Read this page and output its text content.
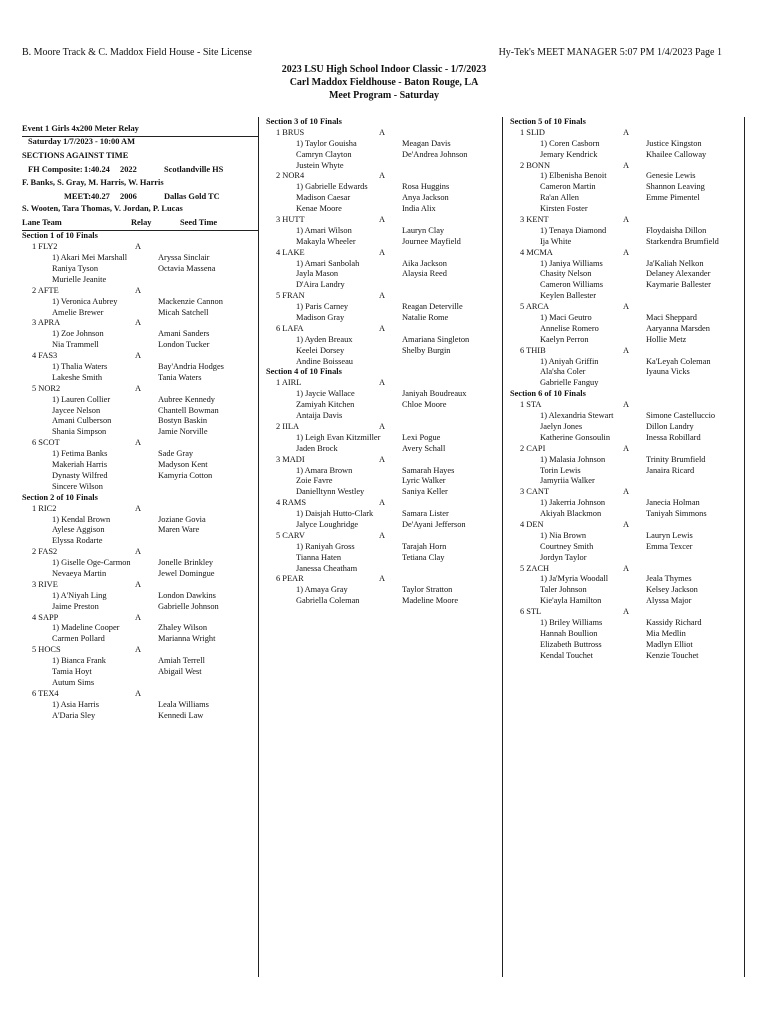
B. Moore Track & C. Maddox Field House - Site License	Hy-Tek's MEET MANAGER 5:07 PM 1/4/2023 Page 1
2023 LSU High School Indoor Classic - 1/7/2023
Carl Maddox Fieldhouse - Baton Rouge, LA
Meet Program - Saturday
Event 1 Girls 4x200 Meter Relay
Saturday 1/7/2023 - 10:00 AM
SECTIONS AGAINST TIME
FH Composite: 1:40.24 2022	Scotlandville HS
F. Banks, S. Gray, M. Harris, W. Harris
MEET:
1:40.27 2006	Dallas Gold TC
S. Wooten, Tara Thomas, V. Jordan, P. Lucas
Lane Team	Relay	Seed Time
Section 1 of 10 Finals
1 FLY2	A
1) Akari Mei Marshall	Aryssa Sinclair
Raniya Tyson	Octavia Massena
Murielle Jeanite
2 AFTE	A
1) Veronica Aubrey	Mackenzie Cannon
Amelie Brewer	Micah Satchell
3 APRA	A
1) Zoe Johnson	Amani Sanders
Nia Trammell	London Tucker
4 FAS3	A
1) Thalia Waters	Bay'Andria Hodges
Lakeshe Smith	Tania Waters
5 NOR2	A
1) Lauren Collier	Aubree Kennedy
Jaycee Nelson	Chantell Bowman
Amani Culberson	Bostyn Baskin
Shania Simpson	Jamie Norville
6 SCOT	A
1) Fetima Banks	Sade Gray
Makeriah Harris	Madyson Kent
Dynasty Wilfred	Kamyria Cotton
Sincere Wilson
Section 2 of 10 Finals
1 RIC2	A
1) Kendal Brown	Joziane Govia
Aylese Aggison	Maren Ware
Elyssa Rodarte
2 FAS2	A
1) Giselle Oge-Carmon	Jonelle Brinkley
Nevaeya Martin	Jewel Domingue
3 RIVE	A
1) A'Niyah Ling	London Dawkins
Jaime Preston	Gabrielle Johnson
4 SAPP	A
1) Madeline Cooper	Zhaley Wilson
Carmen Pollard	Marianna Wright
5 HOCS	A
1) Bianca Frank	Amiah Terrell
Tamia Hoyt	Abigail West
Autum Sims
6 TEX4	A
1) Asia Harris	Leala Williams
A'Daria Sley	Kennedi Law
Section 3 of 10 Finals
1 BRUS	A
1) Taylor Gouisha	Meagan Davis
Camryn Clayton	De'Andrea Johnson
Justein Whyte
2 NOR4	A
1) Gabrielle Edwards	Rosa Huggins
Madison Caesar	Anya Jackson
Kenae Moore	India Alix
3 HUTT	A
1) Amari Wilson	Lauryn Clay
Makayla Wheeler	Journee Mayfield
4 LAKE	A
1) Amari Sanbolah	Aika Jackson
Jayla Mason	Alaysia Reed
D'Aira Landry
5 FRAN	A
1) Paris Carney	Reagan Deterville
Madison Gray	Natalie Rome
6 LAFA	A
1) Ayden Breaux	Amariana Singleton
Keelei Dorsey	Shelby Burgin
Andine Boisseau
Section 4 of 10 Finals
1 AIRL	A
1) Jaycie Wallace	Janiyah Boudreaux
Zamiyah Kitchen	Chloe Moore
Antaija Davis
2 IILA	A
1) Leigh Evan Kitzmiller	Lexi Pogue
Jaden Brock	Avery Schall
3 MADI	A
1) Amara Brown	Samarah Hayes
Zoie Favre	Lyric Walker
Danielltynn Westley	Saniya Keller
4 RAMS	A
1) Daisjah Hutto-Clark	Samara Lister
Jalyce Loughridge	De'Ayani Jefferson
5 CARV	A
1) Raniyah Gross	Tarajah Horn
Tianna Haten	Tetiana Clay
Janessa Cheatham
6 PEAR	A
1) Amaya Gray	Taylor Stratton
Gabriella Coleman	Madeline Moore
Section 5 of 10 Finals
1 SLID	A
1) Coren Casborn	Justice Kingston
Jemary Kendrick	Khailee Calloway
2 BONN	A
1) Elbenisha Benoit	Genesie Lewis
Cameron Martin	Shannon Leaving
Ra'an Allen	Emme Pimentel
Kirsten Foster
3 KENT	A
1) Tenaya Diamond	Floydaisha Dillon
Ija White	Starkendra Brumfield
4 MCMA	A
1) Janiya Williams	Ja'Kaliah Nelkon
Chasity Nelson	Delaney Alexander
Cameron Williams	Kaymarie Ballester
Keylen Ballester
5 ARCA	A
1) Maci Geutro	Maci Sheppard
Annelise Romero	Aaryanna Marsden
Kaelyn Perron	Hollie Metz
6 THIB	A
1) Aniyah Griffin	Ka'Leyah Coleman
Ala'sha Coler	Iyauna Vicks
Gabrielle Fanguy
Section 6 of 10 Finals
1 STA	A
1) Alexandria Stewart	Simone Castelluccio
Jaelyn Jones	Dillon Landry
Katherine Gonsoulin	Inessa Robillard
2 CAPI	A
1) Malasia Johnson	Trinity Brumfield
Torin Lewis	Janaira Ricard
Jamyriia Walker
3 CANT	A
1) Jakerria Johnson	Janecia Holman
Akiyah Blackmon	Taniyah Simmons
4 DEN	A
1) Nia Brown	Lauryn Lewis
Courtney Smith	Emma Texcer
Jordyn Taylor
5 ZACH	A
1) Ja'Myria Woodall	Jeala Thymes
Taler Johnson	Kelsey Jackson
Kie'ayla Hamilton	Alyssa Major
6 STL	A
1) Briley Williams	Kassidy Richard
Hannah Boullion	Mia Medlin
Elizabeth Buttross	Madlyn Elliot
Kendal Touchet	Kenzie Touchet
